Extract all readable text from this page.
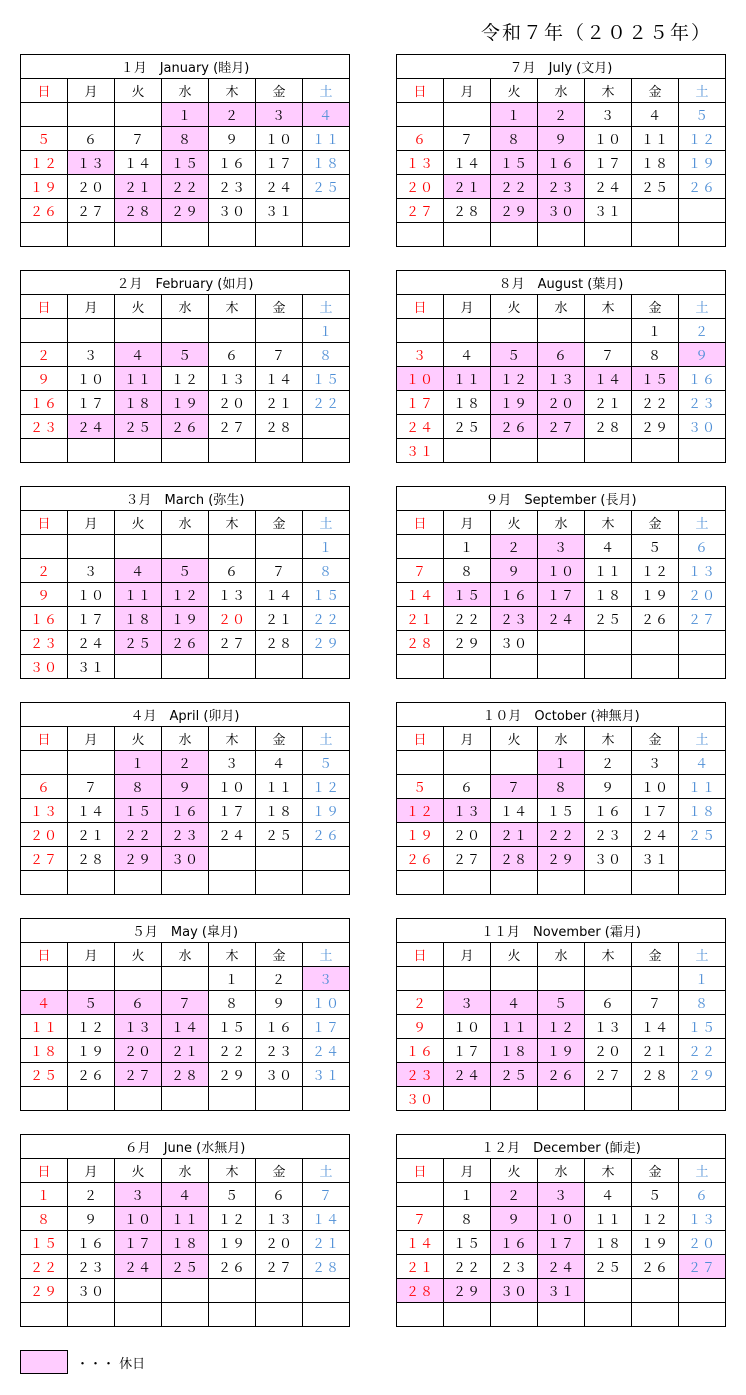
令和７年（２０２５年）
１月　January (睦月)						
日	月	火	水	木	金	土
			１	２	３	４
５	６	７	８	９	１０	１１
１２	１３	１４	１５	１６	１７	１８
１９	２０	２１	２２	２３	２４	２５
２６	２７	２８	２９	３０	３１	

２月　February (如月)						
日	月	火	水	木	金	土
						１
２	３	４	５	６	７	８
９	１０	１１	１２	１３	１４	１５
１６	１７	１８	１９	２０	２１	２２
２３	２４	２５	２６	２７	２８	

３月　March (弥生)						
日	月	火	水	木	金	土
						１
２	３	４	５	６	７	８
９	１０	１１	１２	１３	１４	１５
１６	１７	１８	１９	２０	２１	２２
２３	２４	２５	２６	２７	２８	２９
３０	３１					
４月　April (卯月)						
日	月	火	水	木	金	土
		１	２	３	４	５
６	７	８	９	１０	１１	１２
１３	１４	１５	１６	１７	１８	１９
２０	２１	２２	２３	２４	２５	２６
２７	２８	２９	３０			

５月　May (皐月)						
日	月	火	水	木	金	土
				１	２	３
４	５	６	７	８	９	１０
１１	１２	１３	１４	１５	１６	１７
１８	１９	２０	２１	２２	２３	２４
２５	２６	２７	２８	２９	３０	３１

６月　June (水無月)						
日	月	火	水	木	金	土
１	２	３	４	５	６	７
８	９	１０	１１	１２	１３	１４
１５	１６	１７	１８	１９	２０	２１
２２	２３	２４	２５	２６	２７	２８
２９	３０					

７月　July (文月)						
日	月	火	水	木	金	土
		１	２	３	４	５
６	７	８	９	１０	１１	１２
１３	１４	１５	１６	１７	１８	１９
２０	２１	２２	２３	２４	２５	２６
２７	２８	２９	３０	３１		

８月　August (葉月)						
日	月	火	水	木	金	土
					１	２
３	４	５	６	７	８	９
１０	１１	１２	１３	１４	１５	１６
１７	１８	１９	２０	２１	２２	２３
２４	２５	２６	２７	２８	２９	３０
３１						
９月　September (長月)						
日	月	火	水	木	金	土
	１	２	３	４	５	６
７	８	９	１０	１１	１２	１３
１４	１５	１６	１７	１８	１９	２０
２１	２２	２３	２４	２５	２６	２７
２８	２９	３０				

１０月　October (神無月)						
日	月	火	水	木	金	土
			１	２	３	４
５	６	７	８	９	１０	１１
１２	１３	１４	１５	１６	１７	１８
１９	２０	２１	２２	２３	２４	２５
２６	２７	２８	２９	３０	３１	

１１月　November (霜月)						
日	月	火	水	木	金	土
						１
２	３	４	５	６	７	８
９	１０	１１	１２	１３	１４	１５
１６	１７	１８	１９	２０	２１	２２
２３	２４	２５	２６	２７	２８	２９
３０						
１２月　December (師走)						
日	月	火	水	木	金	土
	１	２	３	４	５	６
７	８	９	１０	１１	１２	１３
１４	１５	１６	１７	１８	１９	２０
２１	２２	２３	２４	２５	２６	２７
２８	２９	３０	３１			

・・・ 休日
